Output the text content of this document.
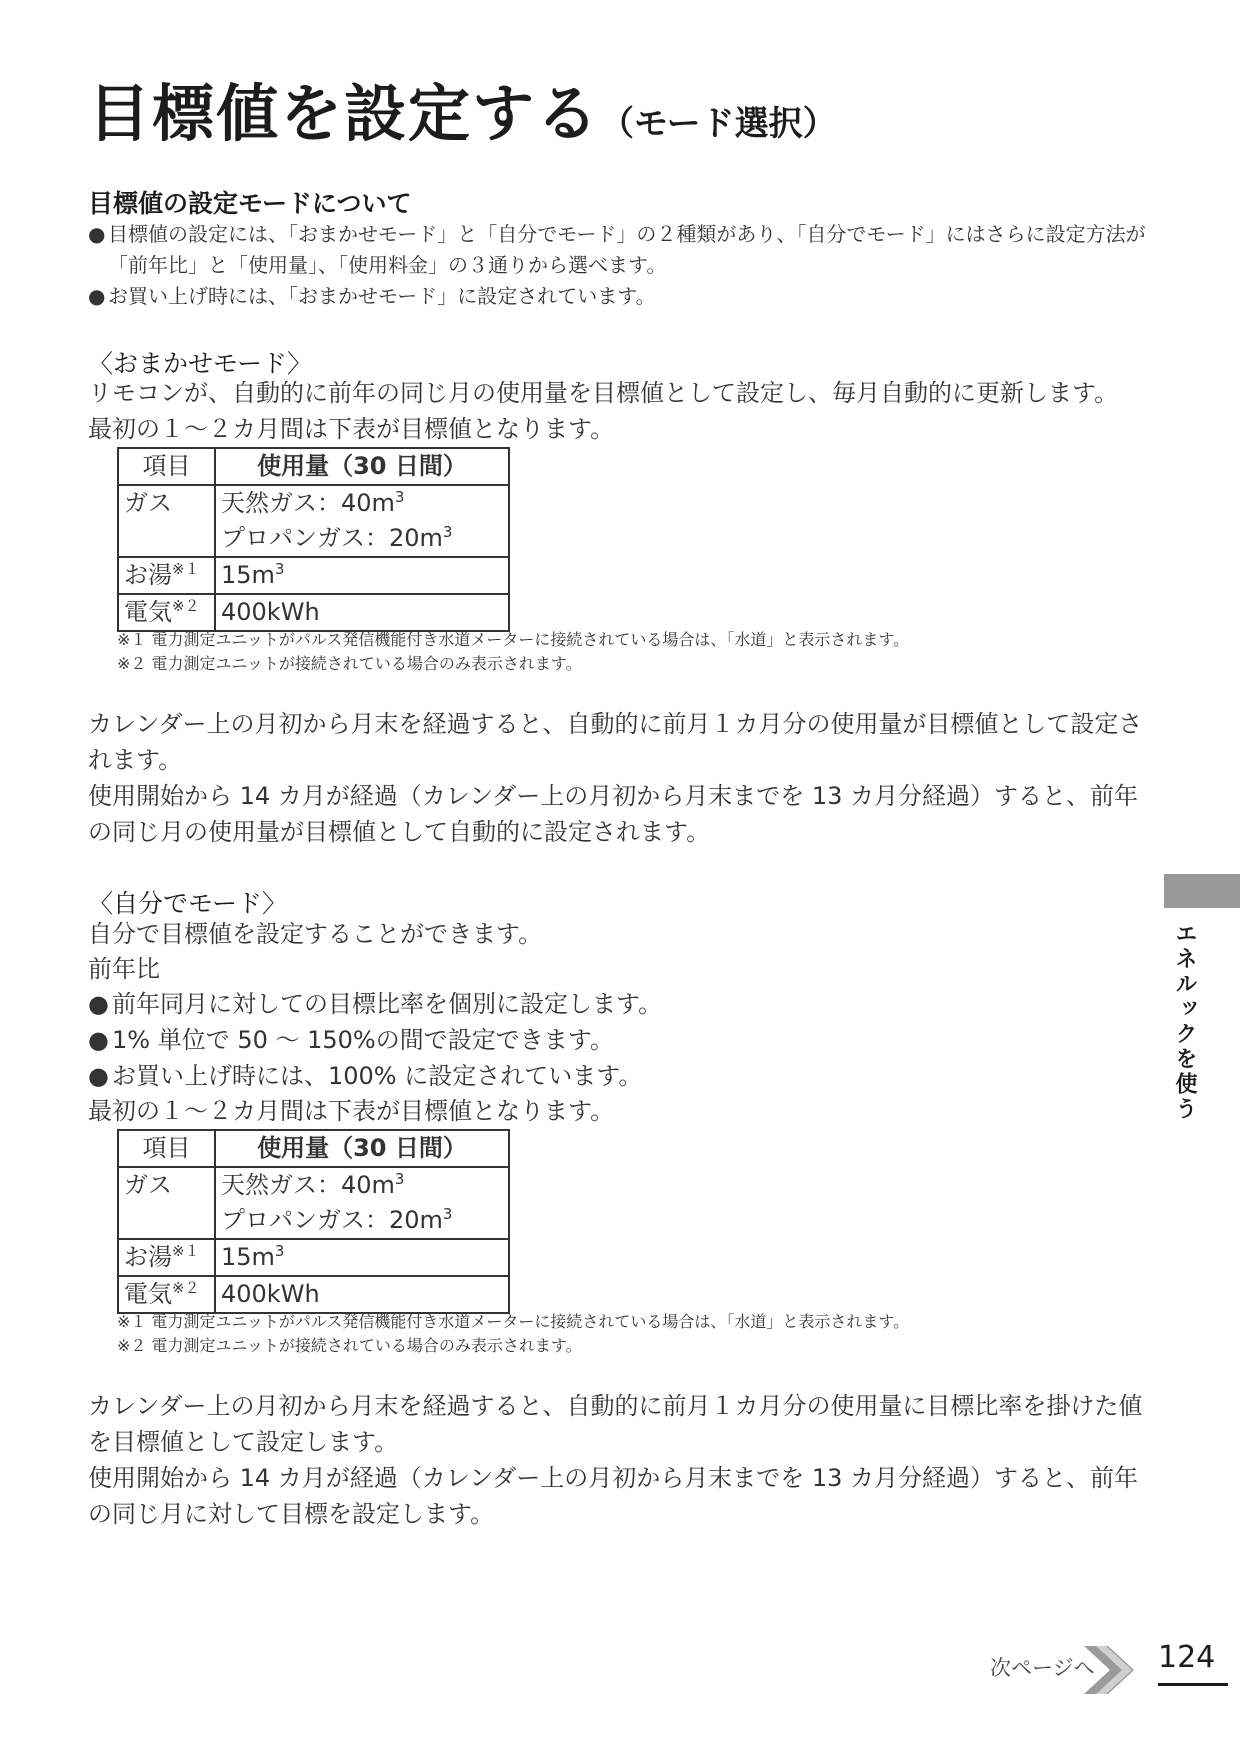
目標値を設定する（モード選択）
目標値の設定モードについて
● 目標値の設定には、「おまかせモード」と「自分でモード」の２種類があり、「自分でモード」にはさらに設定方法が「前年比」と「使用量」、「使用料金」の３通りから選べます。
● お買い上げ時には、「おまかせモード」に設定されています。
〈おまかせモード〉
リモコンが、自動的に前年の同じ月の使用量を目標値として設定し、毎月自動的に更新します。
最初の１～２カ月間は下表が目標値となります。
項目	使用量（30 日間）
ガス	天然ガス：$40m^3$
プロパンガス：$20m^3$

お湯$^{※1}$	$15m^3$
電気$^{※2}$	400kWh
※１ 電力測定ユニットがパルス発信機能付き水道メーターに接続されている場合は、「水道」と表示されます。
※２ 電力測定ユニットが接続されている場合のみ表示されます。
カレンダー上の月初から月末を経過すると、自動的に前月１カ月分の使用量が目標値として設定されます。
使用開始から 14 カ月が経過（カレンダー上の月初から月末までを 13 カ月分経過）すると、前年の同じ月の使用量が目標値として自動的に設定されます。
〈自分でモード〉
自分で目標値を設定することができます。
前年比
● 前年同月に対しての目標比率を個別に設定します。
● 1% 単位で 50 ～ 150%の間で設定できます。
● お買い上げ時には、100% に設定されています。
最初の１～２カ月間は下表が目標値となります。
項目	使用量（30 日間）
ガス	天然ガス：$40m^3$
プロパンガス：$20m^3$

お湯$^{※1}$	$15m^3$
電気$^{※2}$	400kWh
※１ 電力測定ユニットがパルス発信機能付き水道メーターに接続されている場合は、「水道」と表示されます。
※２ 電力測定ユニットが接続されている場合のみ表示されます。
カレンダー上の月初から月末を経過すると、自動的に前月１カ月分の使用量に目標比率を掛けた値を目標値として設定します。
使用開始から 14 カ月が経過（カレンダー上の月初から月末までを 13 カ月分経過）すると、前年の同じ月に対して目標を設定します。
エネルックを使う
次ページへ 124
